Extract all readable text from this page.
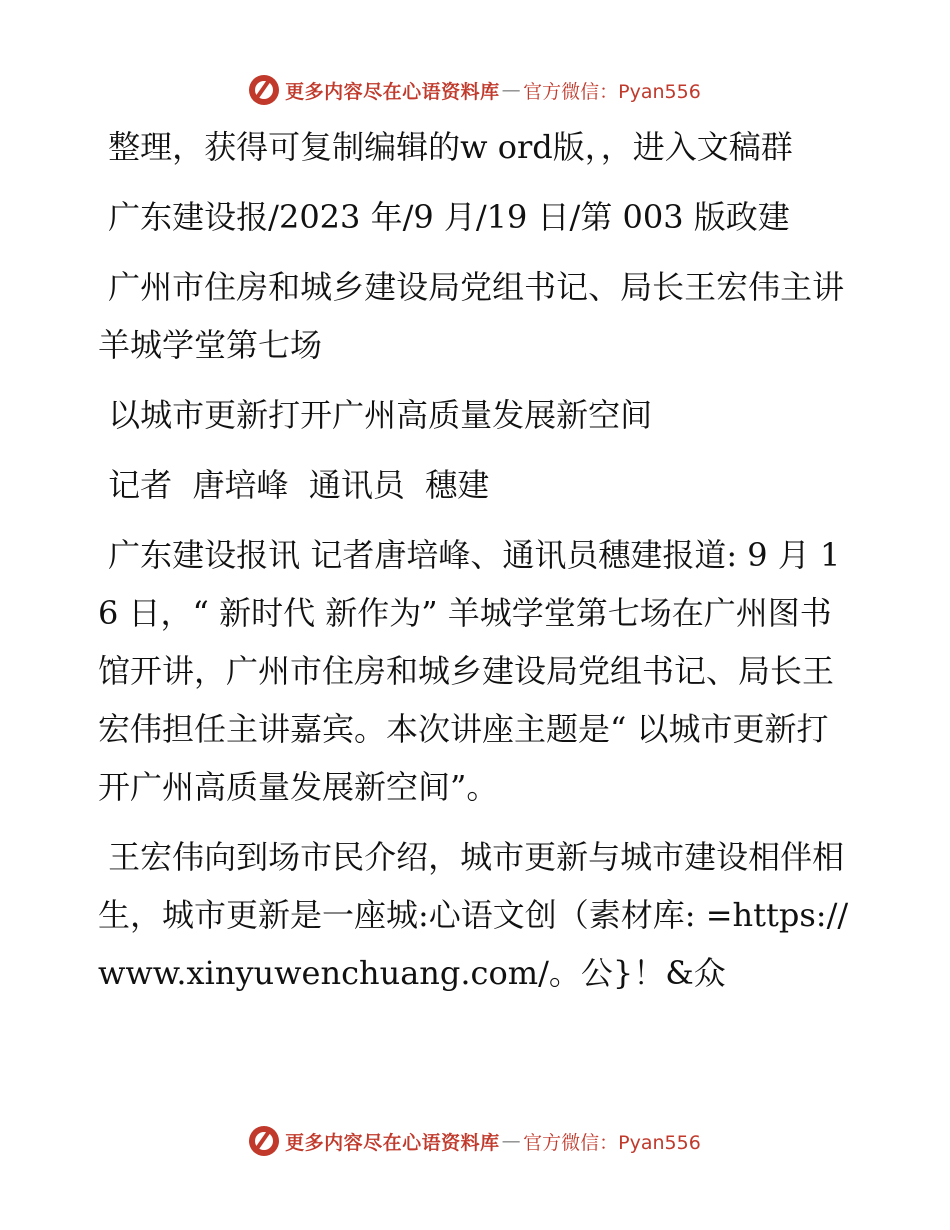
更多内容尽在心语资料库 — 官方微信：Pyan556

整理，获得可复制编辑的w ord版，，进入文稿群

广东建设报/2023 年/9 月/19 日/第 003 版政建

广州市住房和城乡建设局党组书记、局长王宏伟主讲羊城学堂第七场

以城市更新打开广州高质量发展新空间

记者  唐培峰  通讯员  穗建

广东建设报讯 记者唐培峰、通讯员穗建报道: 9 月 16 日，“ 新时代 新作为” 羊城学堂第七场在广州图书馆开讲，广州市住房和城乡建设局党组书记、局长王宏伟担任主讲嘉宾。本次讲座主题是“ 以城市更新打开广州高质量发展新空间”。

王宏伟向到场市民介绍，城市更新与城市建设相伴相生，城市更新是一座城:心语文创（素材库: =https://www.xinyuwenchuang.com/。公}！&众

更多内容尽在心语资料库 — 官方微信：Pyan556
